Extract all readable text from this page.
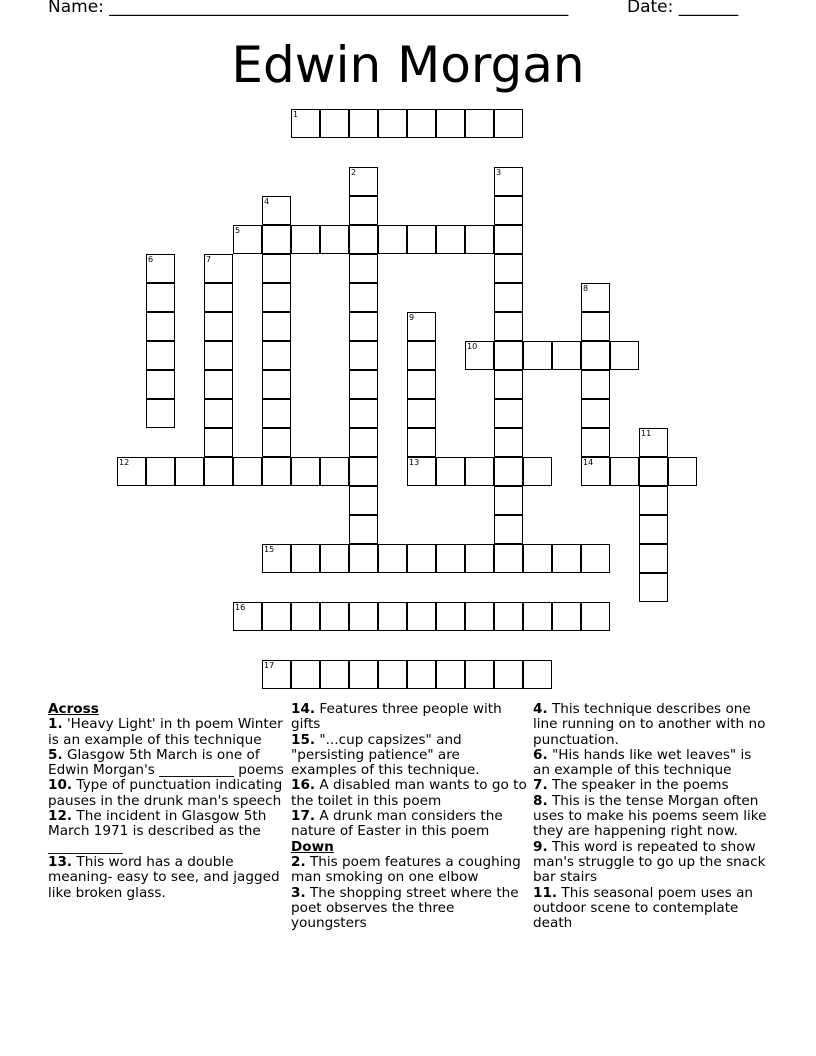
Name: ______________________________________________________	Date: _______
Edwin Morgan
1
2	3
4
5
6	7
8
14
9
13
10
11
12
15
16
17
Across
1. 'Heavy Light' in th poem Winter is an example of this technique
5. Glasgow 5th March is one of Edwin Morgan's ___________ poems
10. Type of punctuation indicating pauses in the drunk man's speech
12. The incident in Glasgow 5th March 1971 is described as the ___________
13. This word has a double meaning- easy to see, and jagged like broken glass.
14. Features three people with gifts
15. "...cup capsizes" and "persisting patience" are examples of this technique.
16. A disabled man wants to go to the toilet in this poem
17. A drunk man considers the nature of Easter in this poem
Down
2. This poem features a coughing man smoking on one elbow
3. The shopping street where the poet observes the three youngsters
4. This technique describes one line running on to another with no punctuation.
6. "His hands like wet leaves" is an example of this technique
7. The speaker in the poems
8. This is the tense Morgan often uses to make his poems seem like they are happening right now.
9. This word is repeated to show man's struggle to go up the snack bar stairs
11. This seasonal poem uses an outdoor scene to contemplate death
